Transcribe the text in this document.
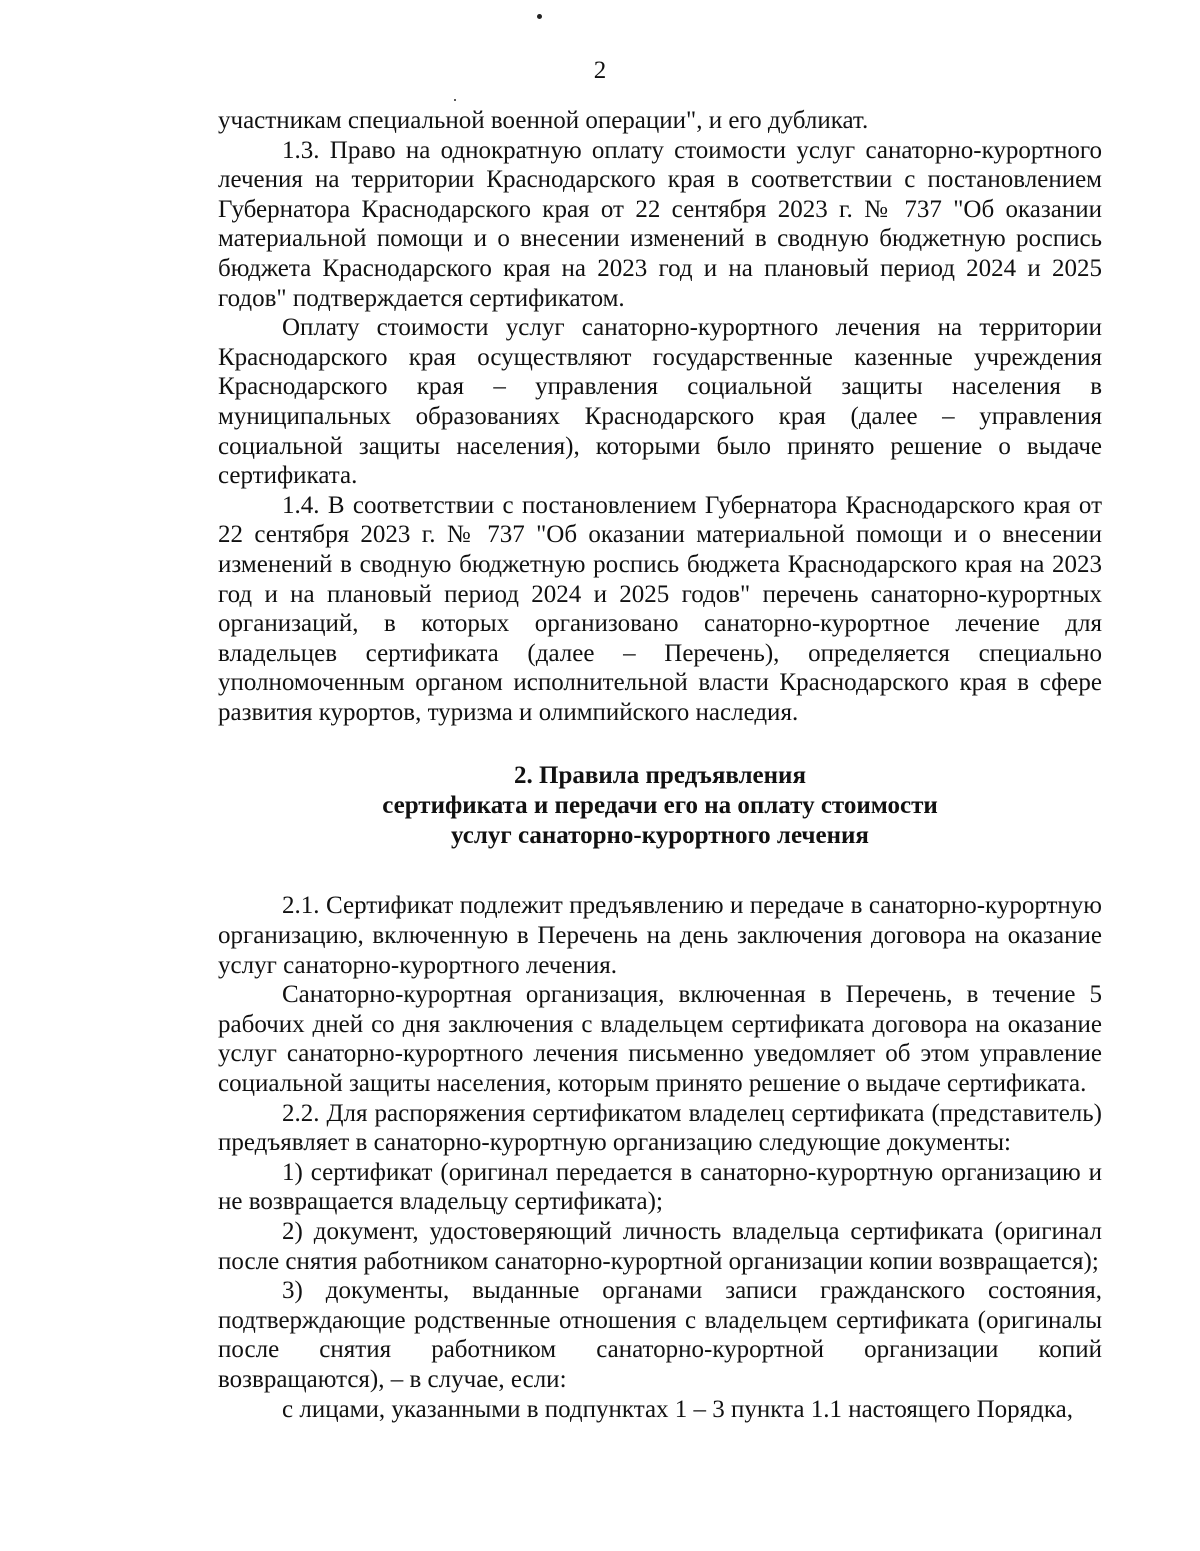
2

участникам специальной военной операции", и его дубликат.

1.3. Право на однократную оплату стоимости услуг санаторно-курортного лечения на территории Краснодарского края в соответствии с постановлением Губернатора Краснодарского края от 22 сентября 2023 г. № 737 "Об оказании материальной помощи и о внесении изменений в сводную бюджетную роспись бюджета Краснодарского края на 2023 год и на плановый период 2024 и 2025 годов" подтверждается сертификатом.

Оплату стоимости услуг санаторно-курортного лечения на территории Краснодарского края осуществляют государственные казенные учреждения Краснодарского края – управления социальной защиты населения в муниципальных образованиях Краснодарского края (далее – управления социальной защиты населения), которыми было принято решение о выдаче сертификата.

1.4. В соответствии с постановлением Губернатора Краснодарского края от 22 сентября 2023 г. № 737 "Об оказании материальной помощи и о внесении изменений в сводную бюджетную роспись бюджета Краснодарского края на 2023 год и на плановый период 2024 и 2025 годов" перечень санаторно-курортных организаций, в которых организовано санаторно-курортное лечение для владельцев сертификата (далее – Перечень), определяется специально уполномоченным органом исполнительной власти Краснодарского края в сфере развития курортов, туризма и олимпийского наследия.

2. Правила предъявления
сертификата и передачи его на оплату стоимости
услуг санаторно-курортного лечения

2.1. Сертификат подлежит предъявлению и передаче в санаторно-курортную организацию, включенную в Перечень на день заключения договора на оказание услуг санаторно-курортного лечения.

Санаторно-курортная организация, включенная в Перечень, в течение 5 рабочих дней со дня заключения с владельцем сертификата договора на оказание услуг санаторно-курортного лечения письменно уведомляет об этом управление социальной защиты населения, которым принято решение о выдаче сертификата.

2.2. Для распоряжения сертификатом владелец сертификата (представитель) предъявляет в санаторно-курортную организацию следующие документы:

1) сертификат (оригинал передается в санаторно-курортную организацию и не возвращается владельцу сертификата);

2) документ, удостоверяющий личность владельца сертификата (оригинал после снятия работником санаторно-курортной организации копии возвращается);

3) документы, выданные органами записи гражданского состояния, подтверждающие родственные отношения с владельцем сертификата (оригиналы после снятия работником санаторно-курортной организации копий возвращаются), – в случае, если:

с лицами, указанными в подпунктах 1 – 3 пункта 1.1 настоящего Порядка,
